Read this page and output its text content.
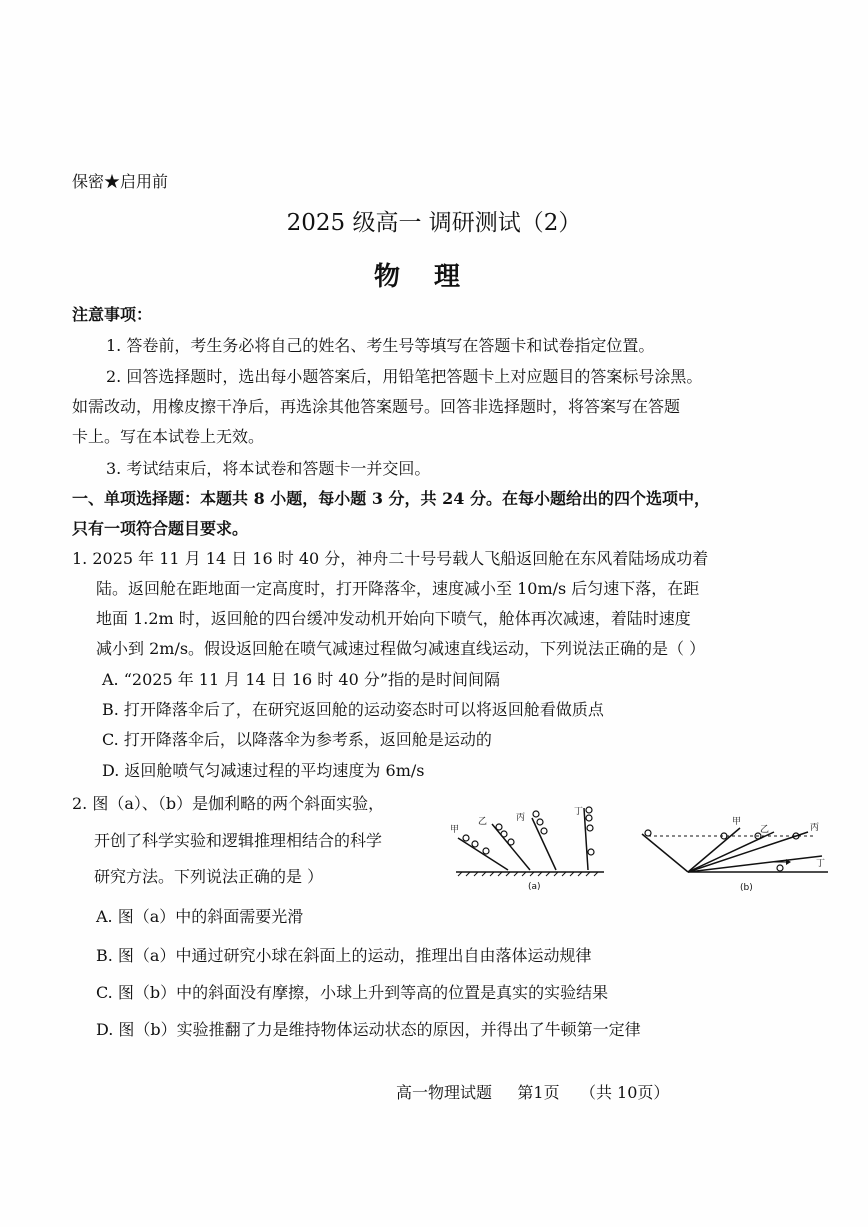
保密★启用前
2025 级高一 调研测试（2）
物理
注意事项：
1. 答卷前，考生务必将自己的姓名、考生号等填写在答题卡和试卷指定位置。
2. 回答选择题时，选出每小题答案后，用铅笔把答题卡上对应题目的答案标号涂黑。
如需改动，用橡皮擦干净后，再选涂其他答案题号。回答非选择题时，将答案写在答题
卡上。写在本试卷上无效。
3. 考试结束后，将本试卷和答题卡一并交回。
一、单项选择题：本题共 8 小题，每小题 3 分，共 24 分。在每小题给出的四个选项中，
只有一项符合题目要求。
1. 2025 年 11 月 14 日 16 时 40 分，神舟二十号号载人飞船返回舱在东风着陆场成功着
陆。返回舱在距地面一定高度时，打开降落伞，速度减小至 10m/s 后匀速下落，在距
地面 1.2m 时，返回舱的四台缓冲发动机开始向下喷气，舱体再次减速，着陆时速度
减小到 2m/s。假设返回舱在喷气减速过程做匀减速直线运动，下列说法正确的是（ ）
A. “2025 年 11 月 14 日 16 时 40 分”指的是时间间隔
B. 打开降落伞后了，在研究返回舱的运动姿态时可以将返回舱看做质点
C. 打开降落伞后，以降落伞为参考系，返回舱是运动的
D. 返回舱喷气匀减速过程的平均速度为 6m/s
2. 图（a）、（b）是伽利略的两个斜面实验，
开创了科学实验和逻辑推理相结合的科学
研究方法。下列说法正确的是 ）
甲
乙	丙
丁
(a)
甲
乙	丙
丁
(b)
A. 图（a）中的斜面需要光滑
B. 图（a）中通过研究小球在斜面上的运动，推理出自由落体运动规律
C. 图（b）中的斜面没有摩擦，小球上升到等高的位置是真实的实验结果
D. 图（b）实验推翻了力是维持物体运动状态的原因，并得出了牛顿第一定律
高一物理试题     第1页    （共 10页）
